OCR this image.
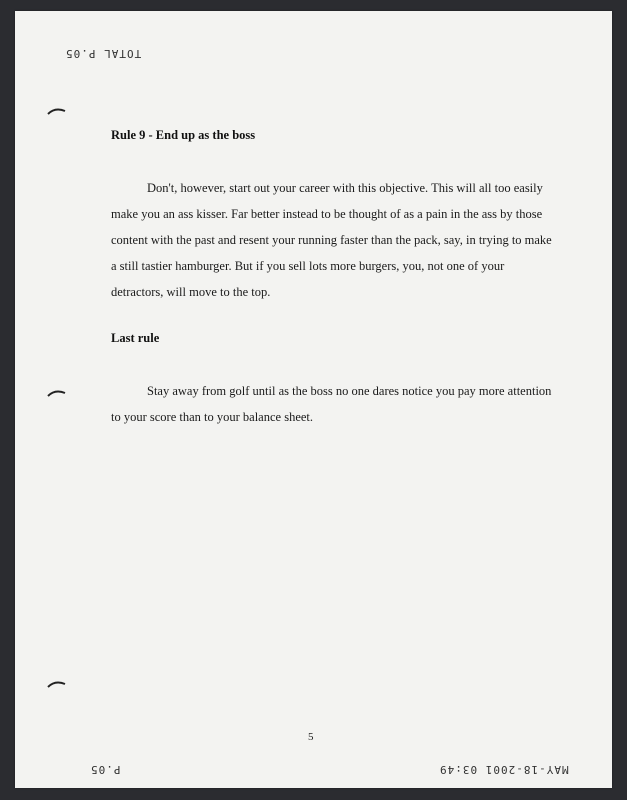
TOTAL P.05
Rule 9 - End up as the boss
Don't, however, start out your career with this objective. This will all too easily
make you an ass kisser. Far better instead to be thought of as a pain in the ass by those
content with the past and resent your running faster than the pack, say, in trying to make
a still tastier hamburger. But if you sell lots more burgers, you, not one of your
detractors, will move to the top.
Last rule
Stay away from golf until as the boss no one dares notice you pay more attention
to your score than to your balance sheet.
5
P.05	MAY-18-2001 03:49
